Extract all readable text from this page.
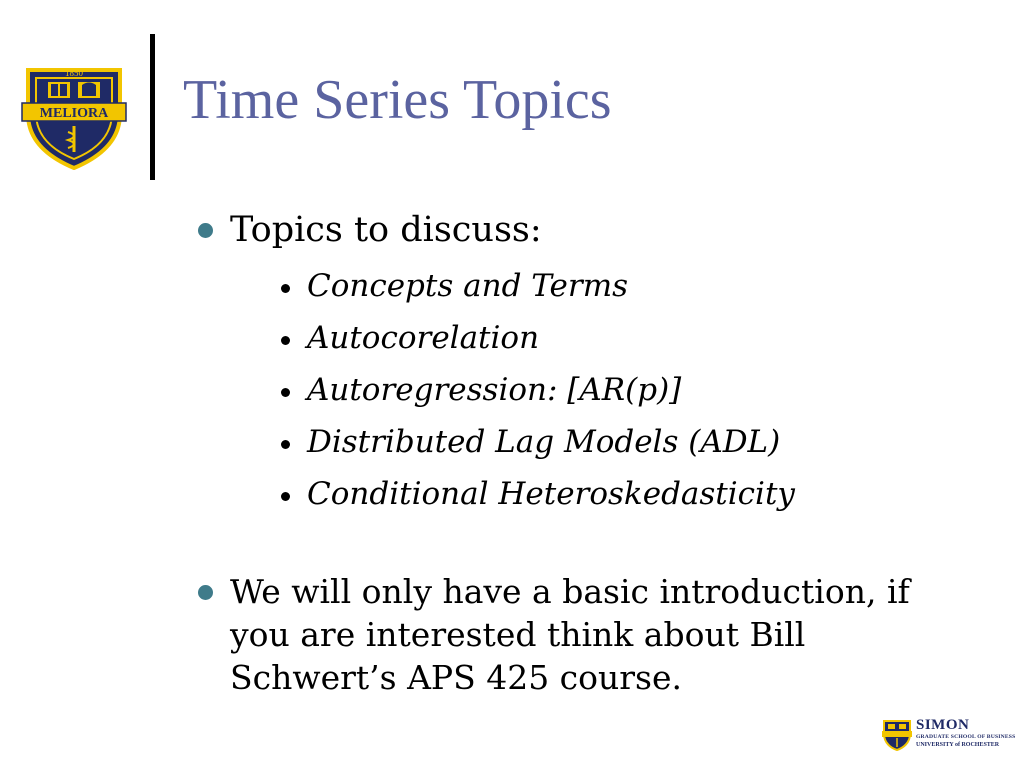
1850
MELIORA Time Series Topics
Topics to discuss:
Concepts and Terms
Autocorelation
Autoregression: [AR(p)]
Distributed Lag Models (ADL)
Conditional Heteroskedasticity
We will only have a basic introduction, if you are interested think about Bill Schwert’s APS 425 course.
SIMON
GRADUATE SCHOOL OF BUSINESS
UNIVERSITY of ROCHESTER
